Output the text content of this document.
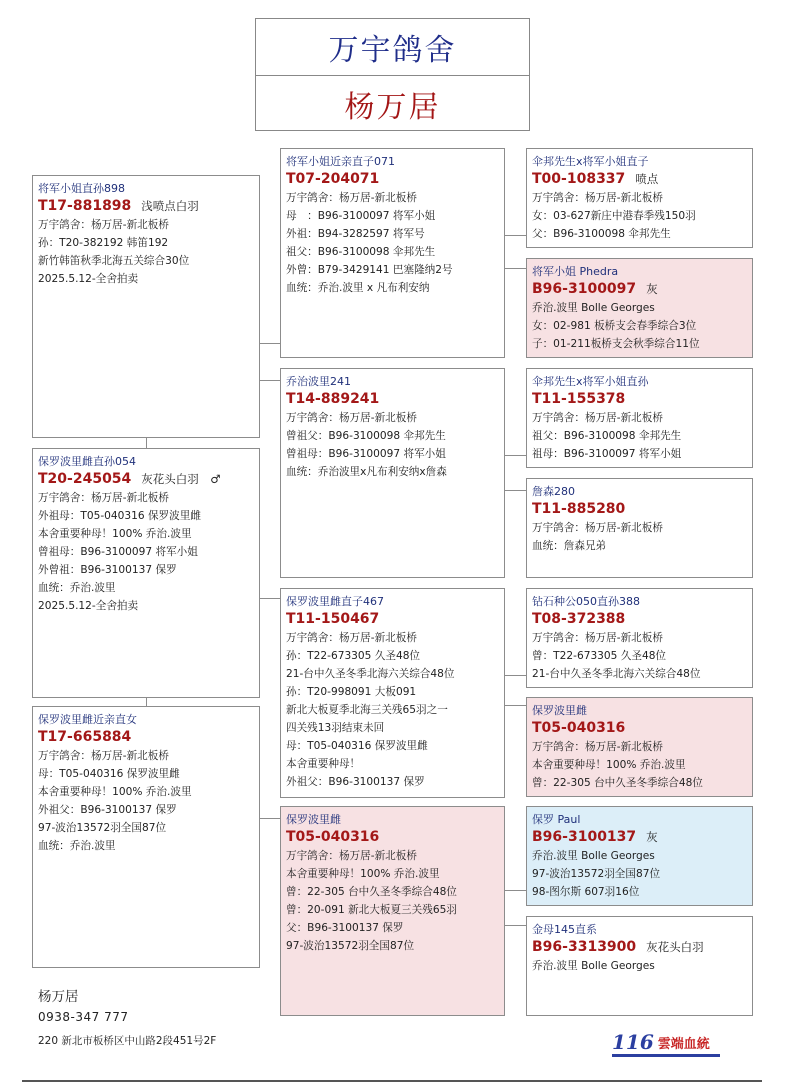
万宇鸽舍
杨万居
将军小姐直孙898
T17-881898 浅喷点白羽
万宇鸽舍：杨万居-新北板桥
孙：T20-382192 韩笛192
新竹韩笛秋季北海五关综合30位
2025.5.12-全舍拍卖
保罗波里雌直孙054
T20-245054 灰花头白羽　♂
万宇鸽舍：杨万居-新北板桥
外祖母：T05-040316 保罗波里雌
本舍重要种母！100% 乔治.波里
曾祖母：B96-3100097 将军小姐
外曾祖：B96-3100137 保罗
血统：乔治.波里
2025.5.12-全舍拍卖
保罗波里雌近亲直女
T17-665884
万宇鸽舍：杨万居-新北板桥
母：T05-040316 保罗波里雌
本舍重要种母！100% 乔治.波里
外祖父：B96-3100137 保罗
97-波治13572羽全国87位
血统：乔治.波里
将军小姐近亲直子071
T07-204071
万宇鸽舍：杨万居-新北板桥
母　：B96-3100097 将军小姐
外祖：B94-3282597 将军号
祖父：B96-3100098 伞邦先生
外曾：B79-3429141 巴塞隆纳2号
血统：乔治.波里 x 凡布利安纳
乔治波里241
T14-889241
万宇鸽舍：杨万居-新北板桥
曾祖父：B96-3100098 伞邦先生
曾祖母：B96-3100097 将军小姐
血统：乔治波里x凡布利安纳x詹森
保罗波里雌直子467
T11-150467
万宇鸽舍：杨万居-新北板桥
孙：T22-673305 久圣48位
21-台中久圣冬季北海六关综合48位
孙：T20-998091 大板091
新北大板夏季北海三关残65羽之一
四关残13羽结束未回
母：T05-040316 保罗波里雌
本舍重要种母！
外祖父：B96-3100137 保罗
保罗波里雌
T05-040316
万宇鸽舍：杨万居-新北板桥
本舍重要种母！100% 乔治.波里
曾：22-305 台中久圣冬季综合48位
曾：20-091 新北大板夏三关残65羽
父：B96-3100137 保罗
97-波治13572羽全国87位
伞邦先生x将军小姐直子
T00-108337 喷点
万宇鸽舍：杨万居-新北板桥
女：03-627新庄中港春季残150羽
父：B96-3100098 伞邦先生
将军小姐 Phedra
B96-3100097 灰
乔治.波里 Bolle Georges
女：02-981 板桥支会春季综合3位
子：01-211板桥支会秋季综合11位
伞邦先生x将军小姐直孙
T11-155378
万宇鸽舍：杨万居-新北板桥
祖父：B96-3100098 伞邦先生
祖母：B96-3100097 将军小姐
詹森280
T11-885280
万宇鸽舍：杨万居-新北板桥
血统：詹森兄弟
钻石种公050直孙388
T08-372388
万宇鸽舍：杨万居-新北板桥
曾：T22-673305 久圣48位
21-台中久圣冬季北海六关综合48位
保罗波里雌
T05-040316
万宇鸽舍：杨万居-新北板桥
本舍重要种母！100% 乔治.波里
曾：22-305 台中久圣冬季综合48位
保罗 Paul
B96-3100137 灰
乔治.波里 Bolle Georges
97-波治13572羽全国87位
98-图尔斯 607羽16位
金母145直系
B96-3313900 灰花头白羽
乔治.波里 Bolle Georges
杨万居
0938-347 777
220 新北市板桥区中山路2段451号2F	116 雲端血統
